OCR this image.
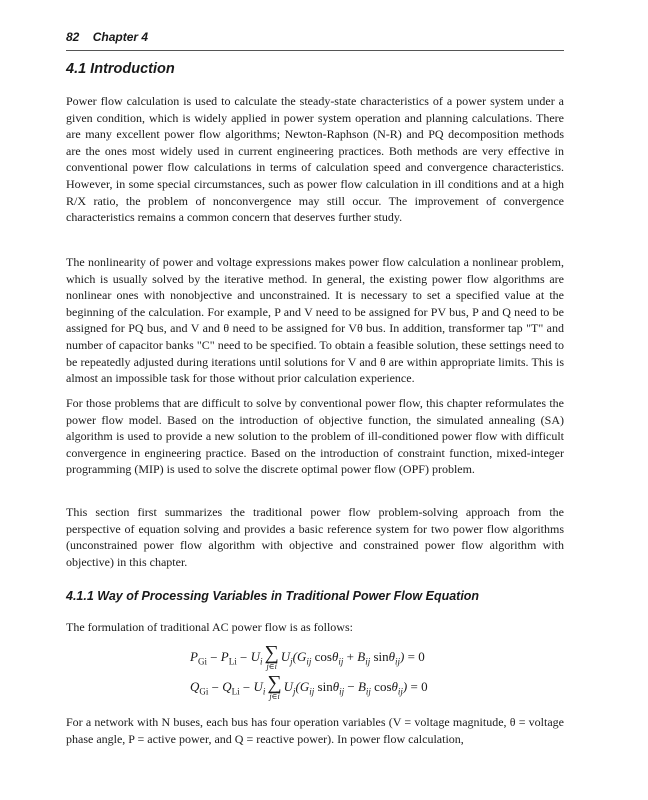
82 Chapter 4
4.1 Introduction

Power flow calculation is used to calculate the steady-state characteristics of a power system under a given condition, which is widely applied in power system operation and planning calculations. There are many excellent power flow algorithms; Newton-Raphson (N-R) and PQ decomposition methods are the ones most widely used in current engineering practices. Both methods are very effective in conventional power flow calculations in terms of calculation speed and convergence characteristics. However, in some special circumstances, such as power flow calculation in ill conditions and at a high R/X ratio, the problem of nonconvergence may still occur. The improvement of convergence characteristics remains a common concern that deserves further study.

The nonlinearity of power and voltage expressions makes power flow calculation a nonlinear problem, which is usually solved by the iterative method. In general, the existing power flow algorithms are nonlinear ones with nonobjective and unconstrained. It is necessary to set a specified value at the beginning of the calculation. For example, P and V need to be assigned for PV bus, P and Q need to be assigned for PQ bus, and V and θ need to be assigned for Vθ bus. In addition, transformer tap "T" and number of capacitor banks "C" need to be specified. To obtain a feasible solution, these settings need to be repeatedly adjusted during iterations until solutions for V and θ are within appropriate limits. This is almost an impossible task for those without prior calculation experience.

For those problems that are difficult to solve by conventional power flow, this chapter reformulates the power flow model. Based on the introduction of objective function, the simulated annealing (SA) algorithm is used to provide a new solution to the problem of ill-conditioned power flow with difficult convergence in engineering practice. Based on the introduction of constraint function, mixed-integer programming (MIP) is used to solve the discrete optimal power flow (OPF) problem.

This section first summarizes the traditional power flow problem-solving approach from the perspective of equation solving and provides a basic reference system for two power flow algorithms (unconstrained power flow algorithm with objective and constrained power flow algorithm with objective) in this chapter.

4.1.1 Way of Processing Variables in Traditional Power Flow Equation

The formulation of traditional AC power flow is as follows:

$P_{Gi} - P_{Li} - U_i$ ∑
j∈i
$U_j(G_{ij}$ $\cos\theta_{ij} + B_{ij}$ sinθ$_{ij}$) = 0
$Q_{Gi} - Q_{Li} - U_i$ ∑
j∈i
$U_j(G_{ij}$ $\sin\theta_{ij} - B_{ij}$ cosθ$_{ij}$) = 0

For a network with N buses, each bus has four operation variables (V = voltage magnitude, θ = voltage phase angle, P = active power, and Q = reactive power). In power flow calculation,
